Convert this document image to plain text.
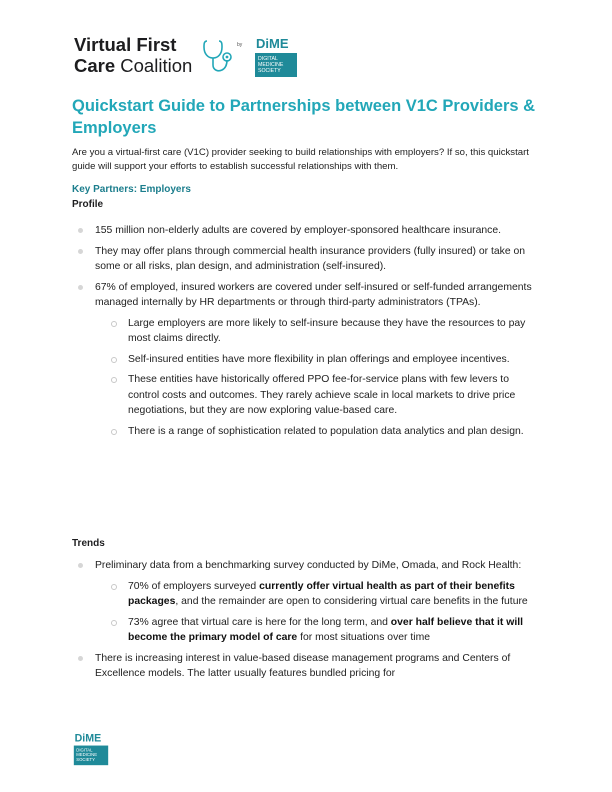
Virtual First
Care Coalition
by DiME
DIGITAL
MEDICINE
SOCIETY
Quickstart Guide to Partnerships between V1C Providers & Employers
Are you a virtual-first care (V1C) provider seeking to build relationships with employers? If so, this quickstart guide will support your efforts to establish successful relationships with them.
Key Partners: Employers
Profile
155 million non-elderly adults are covered by employer-sponsored healthcare insurance.
They may offer plans through commercial health insurance providers (fully insured) or take on some or all risks, plan design, and administration (self-insured).
67% of employed, insured workers are covered under self-insured or self-funded arrangements managed internally by HR departments or through third-party administrators (TPAs).
Large employers are more likely to self-insure because they have the resources to pay most claims directly.
Self-insured entities have more flexibility in plan offerings and employee incentives.
These entities have historically offered PPO fee-for-service plans with few levers to control costs and outcomes. They rarely achieve scale in local markets to drive price negotiations, but they are now exploring value-based care.
There is a range of sophistication related to population data analytics and plan design.
Trends
Preliminary data from a benchmarking survey conducted by DiMe, Omada, and Rock Health:
70% of employers surveyed currently offer virtual health as part of their benefits packages, and the remainder are open to considering virtual care benefits in the future
73% agree that virtual care is here for the long term, and over half believe that it will become the primary model of care for most situations over time
There is increasing interest in value-based disease management programs and Centers of Excellence models. The latter usually features bundled pricing for
DiME
DIGITAL
MEDICINE
SOCIETY
